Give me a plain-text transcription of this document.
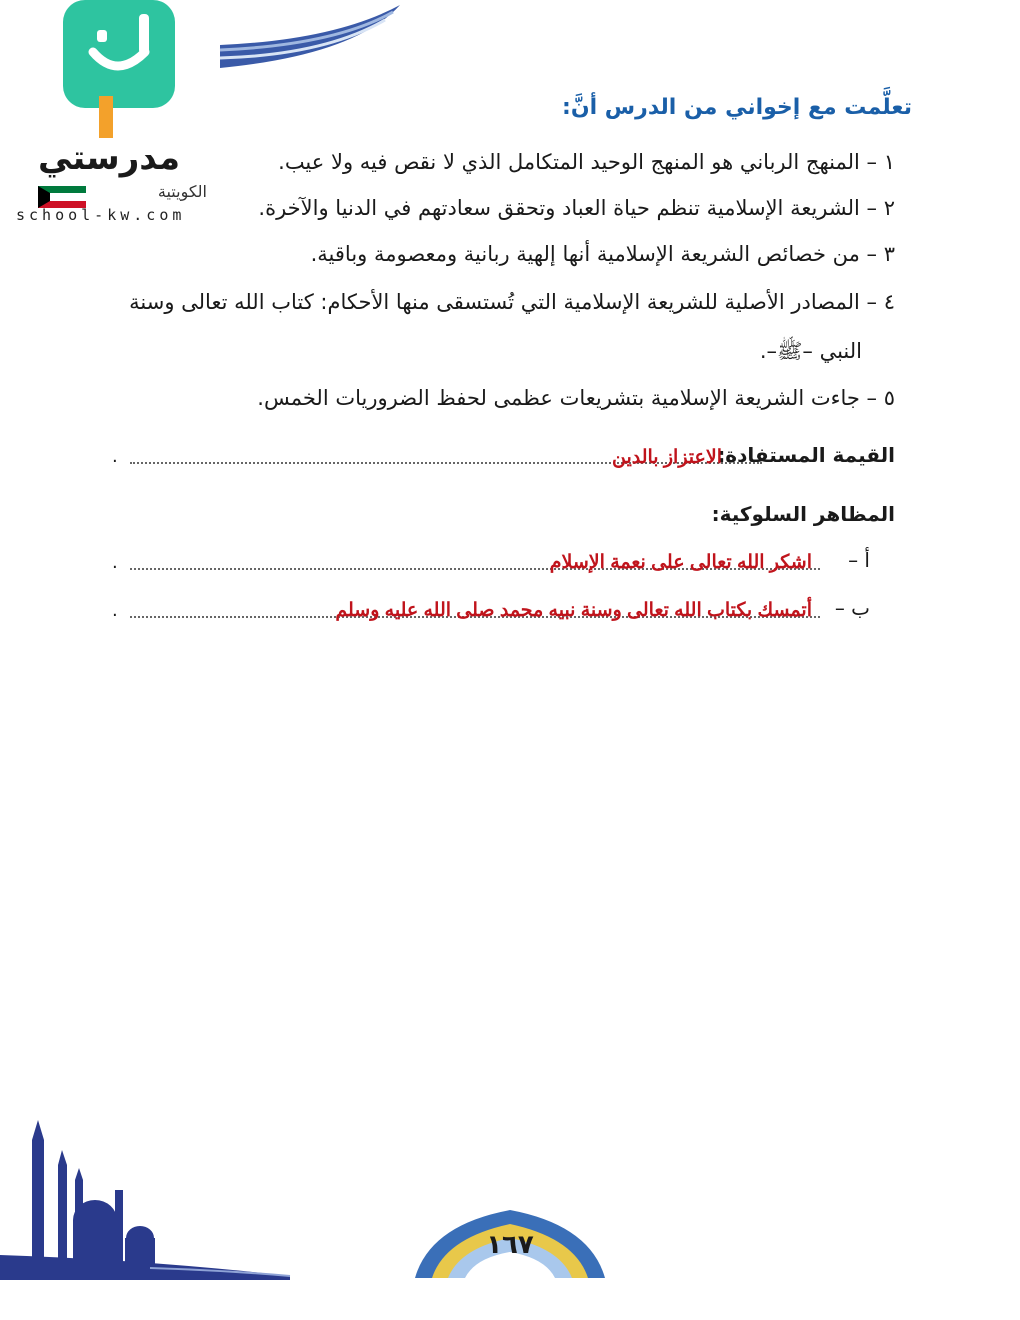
مدرستي
الكويتية
school-kw.com
تعلَّمت مع إخواني من الدرس أنَّ:
١ – المنهج الرباني هو المنهج الوحيد المتكامل الذي لا نقص فيه ولا عيب.
٢ – الشريعة الإسلامية تنظم حياة العباد وتحقق سعادتهم في الدنيا والآخرة.
٣ – من خصائص الشريعة الإسلامية أنها إلهية ربانية ومعصومة وباقية.
٤ – المصادر الأصلية للشريعة الإسلامية التي تُستسقى منها الأحكام: كتاب الله تعالى وسنة
النبي –ﷺ–.
٥ – جاءت الشريعة الإسلامية بتشريعات عظمى لحفظ الضروريات الخمس.
القيمة المستفادة:
الاعتزاز بالدين
.
المظاهر السلوكية:
أ –
اشكر الله تعالى على نعمة الإسلام
.
ب –
أتمسك بكتاب الله تعالى وسنة نبيه محمد صلى الله عليه وسلم
.
١٦٧
